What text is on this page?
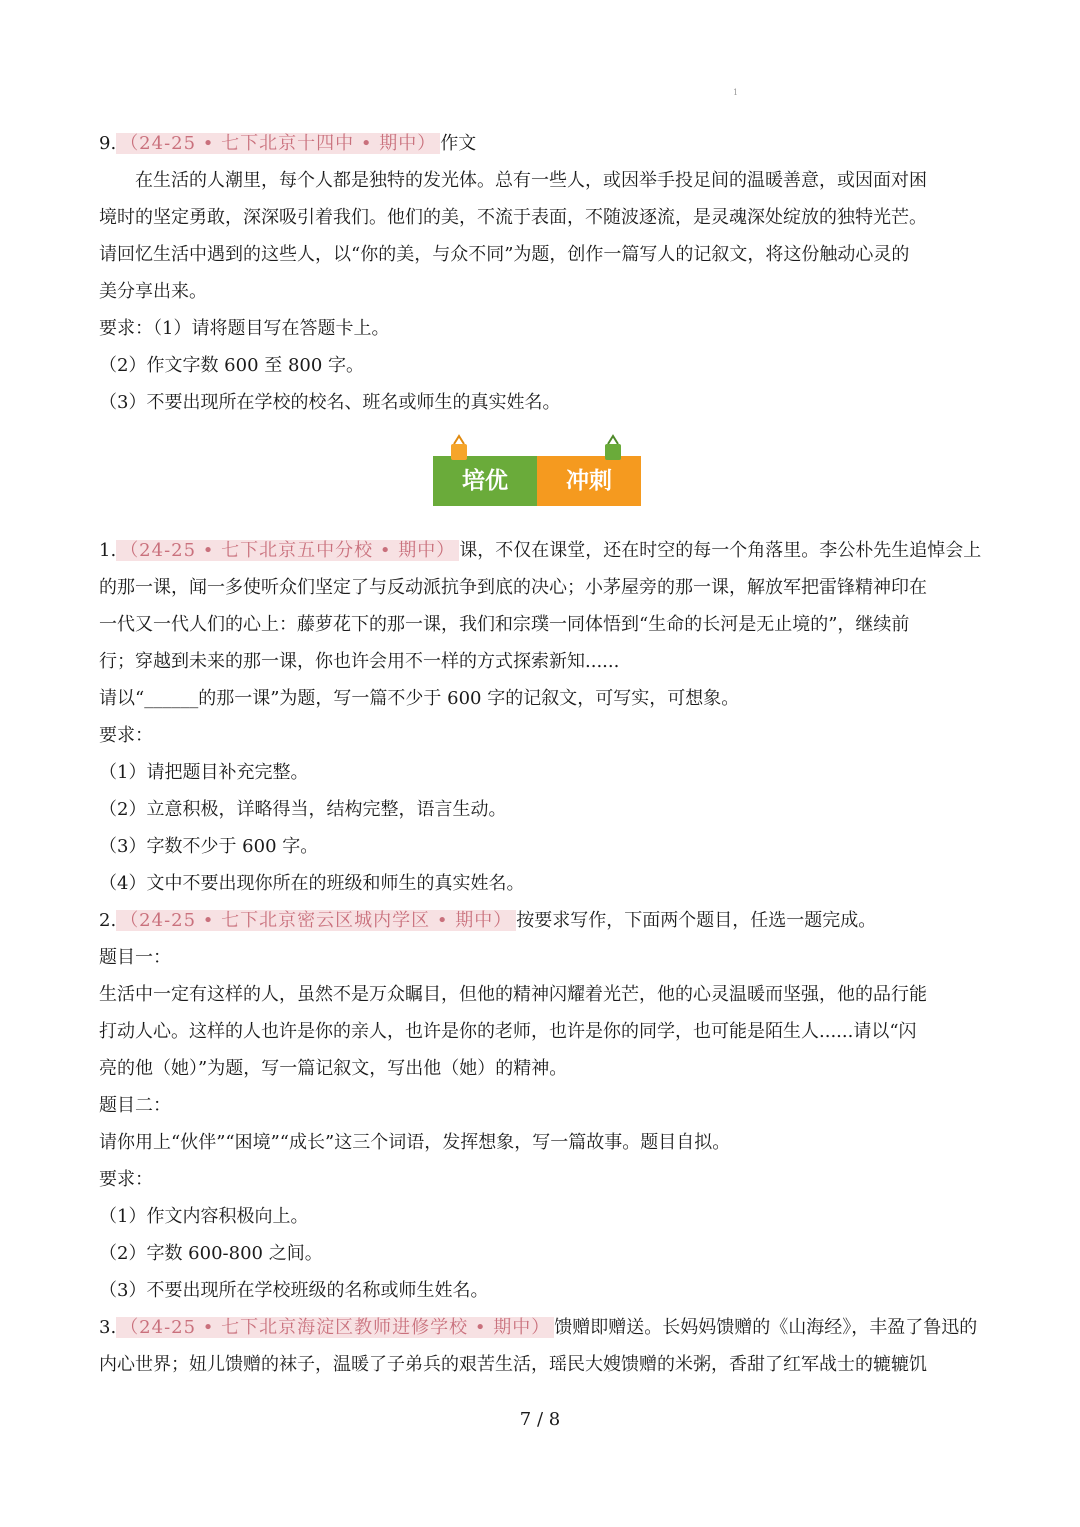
1
9. （24-25 • 七下北京十四中 • 期中） 作文
在生活的人潮里，每个人都是独特的发光体。总有一些人，或因举手投足间的温暖善意，或因面对困
境时的坚定勇敢，深深吸引着我们。他们的美，不流于表面，不随波逐流，是灵魂深处绽放的独特光芒。
请回忆生活中遇到的这些人，以“你的美，与众不同”为题，创作一篇写人的记叙文，将这份触动心灵的
美分享出来。
要求：（1）请将题目写在答题卡上。
（2）作文字数 600 至 800 字。
（3）不要出现所在学校的校名、班名或师生的真实姓名。
培优	冲刺
1. （24-25 • 七下北京五中分校 • 期中） 课，不仅在课堂，还在时空的每一个角落里。李公朴先生追悼会上
的那一课，闻一多使听众们坚定了与反动派抗争到底的决心；小茅屋旁的那一课，解放军把雷锋精神印在
一代又一代人们的心上：藤萝花下的那一课，我们和宗璞一同体悟到“生命的长河是无止境的”，继续前
行；穿越到未来的那一课，你也许会用不一样的方式探索新知......
请以“______的那一课”为题，写一篇不少于 600 字的记叙文，可写实，可想象。
要求：
（1）请把题目补充完整。
（2）立意积极，详略得当，结构完整，语言生动。
（3）字数不少于 600 字。
（4）文中不要出现你所在的班级和师生的真实姓名。
2. （24-25 • 七下北京密云区城内学区 • 期中） 按要求写作，下面两个题目，任选一题完成。
题目一：
生活中一定有这样的人，虽然不是万众瞩目，但他的精神闪耀着光芒，他的心灵温暖而坚强，他的品行能
打动人心。这样的人也许是你的亲人，也许是你的老师，也许是你的同学，也可能是陌生人......请以“闪
亮的他（她）”为题，写一篇记叙文，写出他（她）的精神。
题目二：
请你用上“伙伴”“困境”“成长”这三个词语，发挥想象，写一篇故事。题目自拟。
要求：
（1）作文内容积极向上。
（2）字数 600-800 之间。
（3）不要出现所在学校班级的名称或师生姓名。
3. （24-25 • 七下北京海淀区教师进修学校 • 期中） 馈赠即赠送。长妈妈馈赠的《山海经》，丰盈了鲁迅的
内心世界；妞儿馈赠的袜子，温暖了子弟兵的艰苦生活，瑶民大嫂馈赠的米粥，香甜了红军战士的辘辘饥
7 / 8
